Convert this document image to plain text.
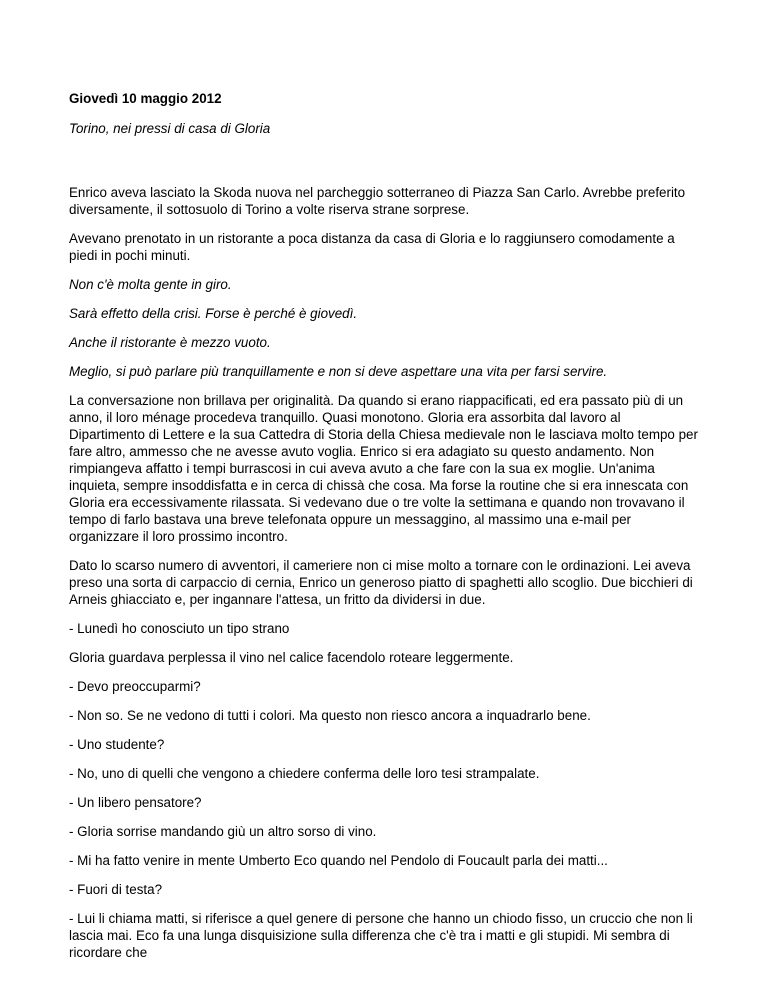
Giovedì 10 maggio 2012

Torino, nei pressi di casa di Gloria

Enrico aveva lasciato la Skoda nuova nel parcheggio sotterraneo di Piazza San Carlo. Avrebbe preferito diversamente, il sottosuolo di Torino a volte riserva strane sorprese.

Avevano prenotato in un ristorante a poca distanza da casa di Gloria e lo raggiunsero comodamente a piedi in pochi minuti.

Non c'è molta gente in giro.

Sarà effetto della crisi. Forse è perché è giovedì.

Anche il ristorante è mezzo vuoto.

Meglio, si può parlare più tranquillamente e non si deve aspettare una vita per farsi servire.

La conversazione non brillava per originalità. Da quando si erano riappacificati, ed era passato più di un anno, il loro ménage procedeva tranquillo. Quasi monotono. Gloria era assorbita dal lavoro al Dipartimento di Lettere e la sua Cattedra di Storia della Chiesa medievale non le lasciava molto tempo per fare altro, ammesso che ne avesse avuto voglia. Enrico si era adagiato su questo andamento. Non rimpiangeva affatto i tempi burrascosi in cui aveva avuto a che fare con la sua ex moglie. Un'anima inquieta, sempre insoddisfatta e in cerca di chissà che cosa. Ma forse la routine che si era innescata con Gloria era eccessivamente rilassata. Si vedevano due o tre volte la settimana e quando non trovavano il tempo di farlo bastava una breve telefonata oppure un messaggino, al massimo una e-mail per organizzare il loro prossimo incontro.

Dato lo scarso numero di avventori, il cameriere non ci mise molto a tornare con le ordinazioni. Lei aveva preso una sorta di carpaccio di cernia, Enrico un generoso piatto di spaghetti allo scoglio. Due bicchieri di Arneis ghiacciato e, per ingannare l'attesa, un fritto da dividersi in due.

- Lunedì ho conosciuto un tipo strano

Gloria guardava perplessa il vino nel calice facendolo roteare leggermente.

- Devo preoccuparmi?

- Non so. Se ne vedono di tutti i colori. Ma questo non riesco ancora a inquadrarlo bene.

- Uno studente?

- No, uno di quelli che vengono a chiedere conferma delle loro tesi strampalate.

- Un libero pensatore?

- Gloria sorrise mandando giù un altro sorso di vino.

- Mi ha fatto venire in mente Umberto Eco quando nel Pendolo di Foucault parla dei matti...

- Fuori di testa?

- Lui li chiama matti, si riferisce a quel genere di persone che hanno un chiodo fisso, un cruccio che non li lascia mai. Eco fa una lunga disquisizione sulla differenza che c'è tra i matti e gli stupidi. Mi sembra di ricordare che
